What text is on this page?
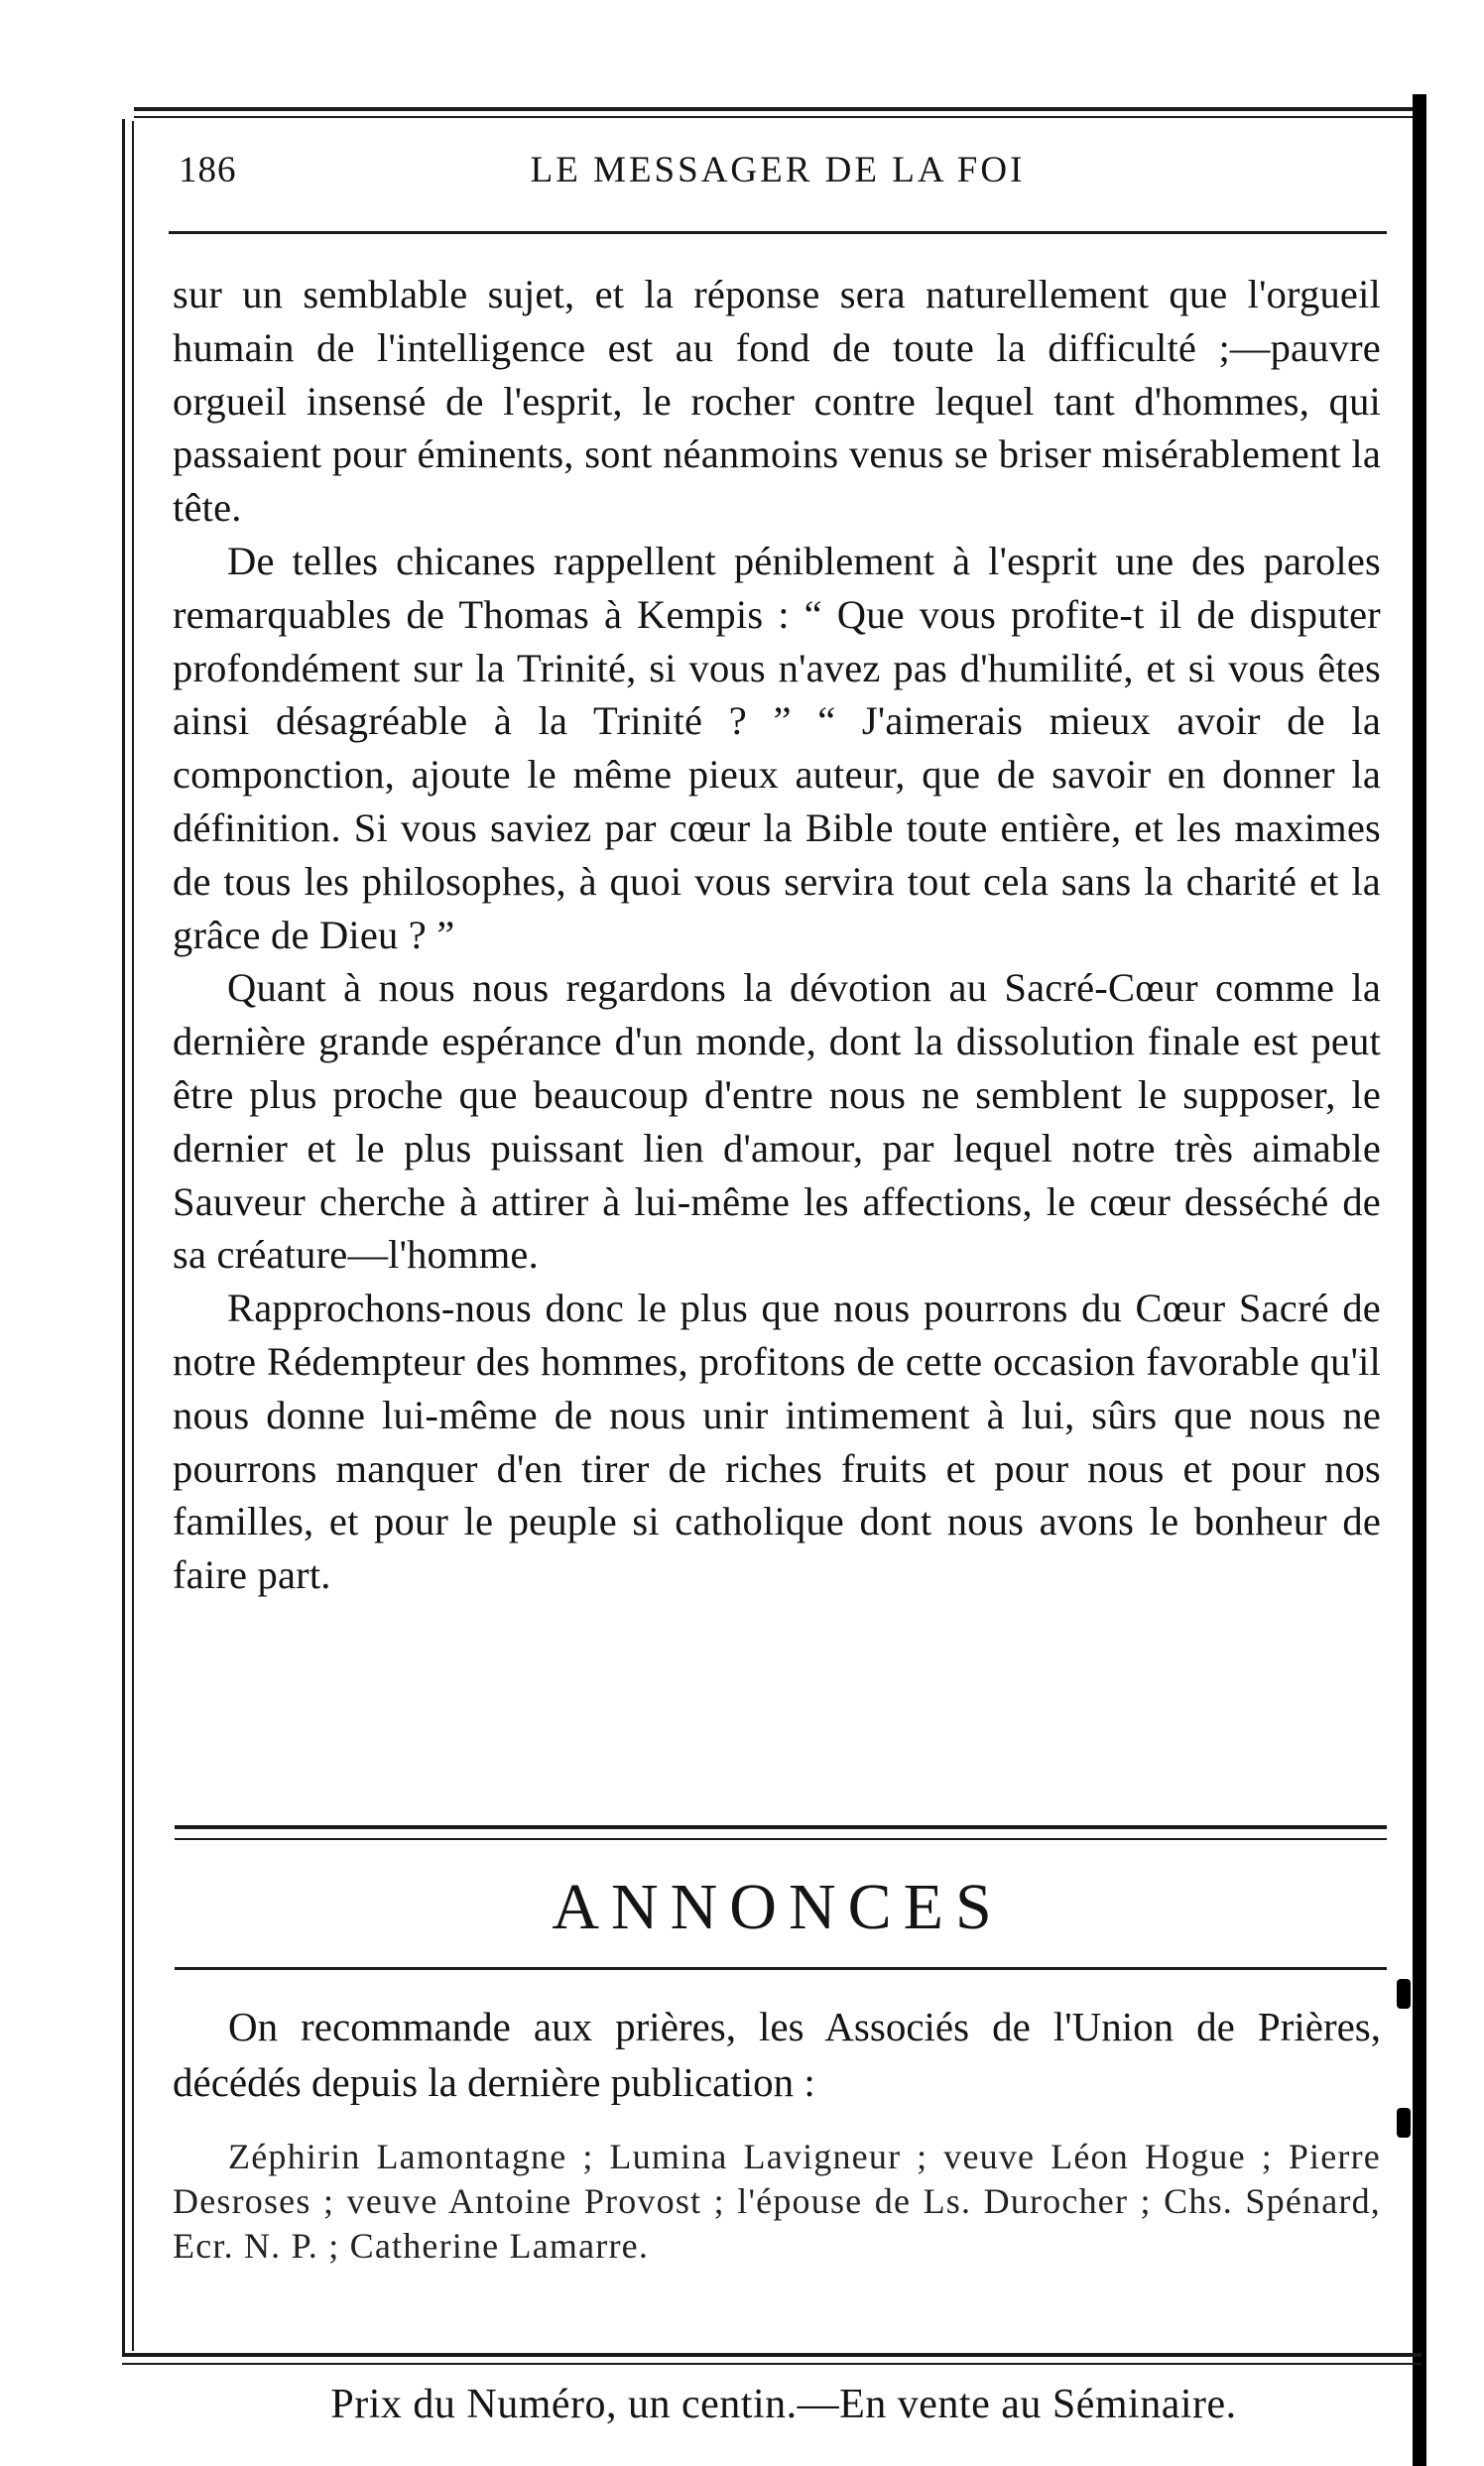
186	LE MESSAGER DE LA FOI

sur un semblable sujet, et la réponse sera naturellement que l'orgueil humain de l'intelligence est au fond de toute la difficulté ;—pauvre orgueil insensé de l'esprit, le rocher contre lequel tant d'hommes, qui passaient pour éminents, sont néanmoins venus se briser misérablement la tête.

De telles chicanes rappellent péniblement à l'esprit une des paroles remarquables de Thomas à Kempis : “ Que vous profite-t il de disputer profondément sur la Trinité, si vous n'avez pas d'humilité, et si vous êtes ainsi désagréable à la Trinité ? ” “ J'aimerais mieux avoir de la componction, ajoute le même pieux auteur, que de savoir en donner la définition. Si vous saviez par cœur la Bible toute entière, et les maximes de tous les philosophes, à quoi vous servira tout cela sans la charité et la grâce de Dieu ? ”

Quant à nous nous regardons la dévotion au Sacré-Cœur comme la dernière grande espérance d'un monde, dont la dissolution finale est peut être plus proche que beaucoup d'entre nous ne semblent le supposer, le dernier et le plus puissant lien d'amour, par lequel notre très aimable Sauveur cherche à attirer à lui-même les affections, le cœur desséché de sa créature—l'homme.

Rapprochons-nous donc le plus que nous pourrons du Cœur Sacré de notre Rédempteur des hommes, profitons de cette occasion favorable qu'il nous donne lui-même de nous unir intimement à lui, sûrs que nous ne pourrons manquer d'en tirer de riches fruits et pour nous et pour nos familles, et pour le peuple si catholique dont nous avons le bonheur de faire part.

ANNONCES

On recommande aux prières, les Associés de l'Union de Prières, décédés depuis la dernière publication :

Zéphirin Lamontagne ; Lumina Lavigneur ; veuve Léon Hogue ; Pierre Desroses ; veuve Antoine Provost ; l'épouse de Ls. Durocher ; Chs. Spénard, Ecr. N. P. ; Catherine Lamarre.

Prix du Numéro, un centin.—En vente au Séminaire.
